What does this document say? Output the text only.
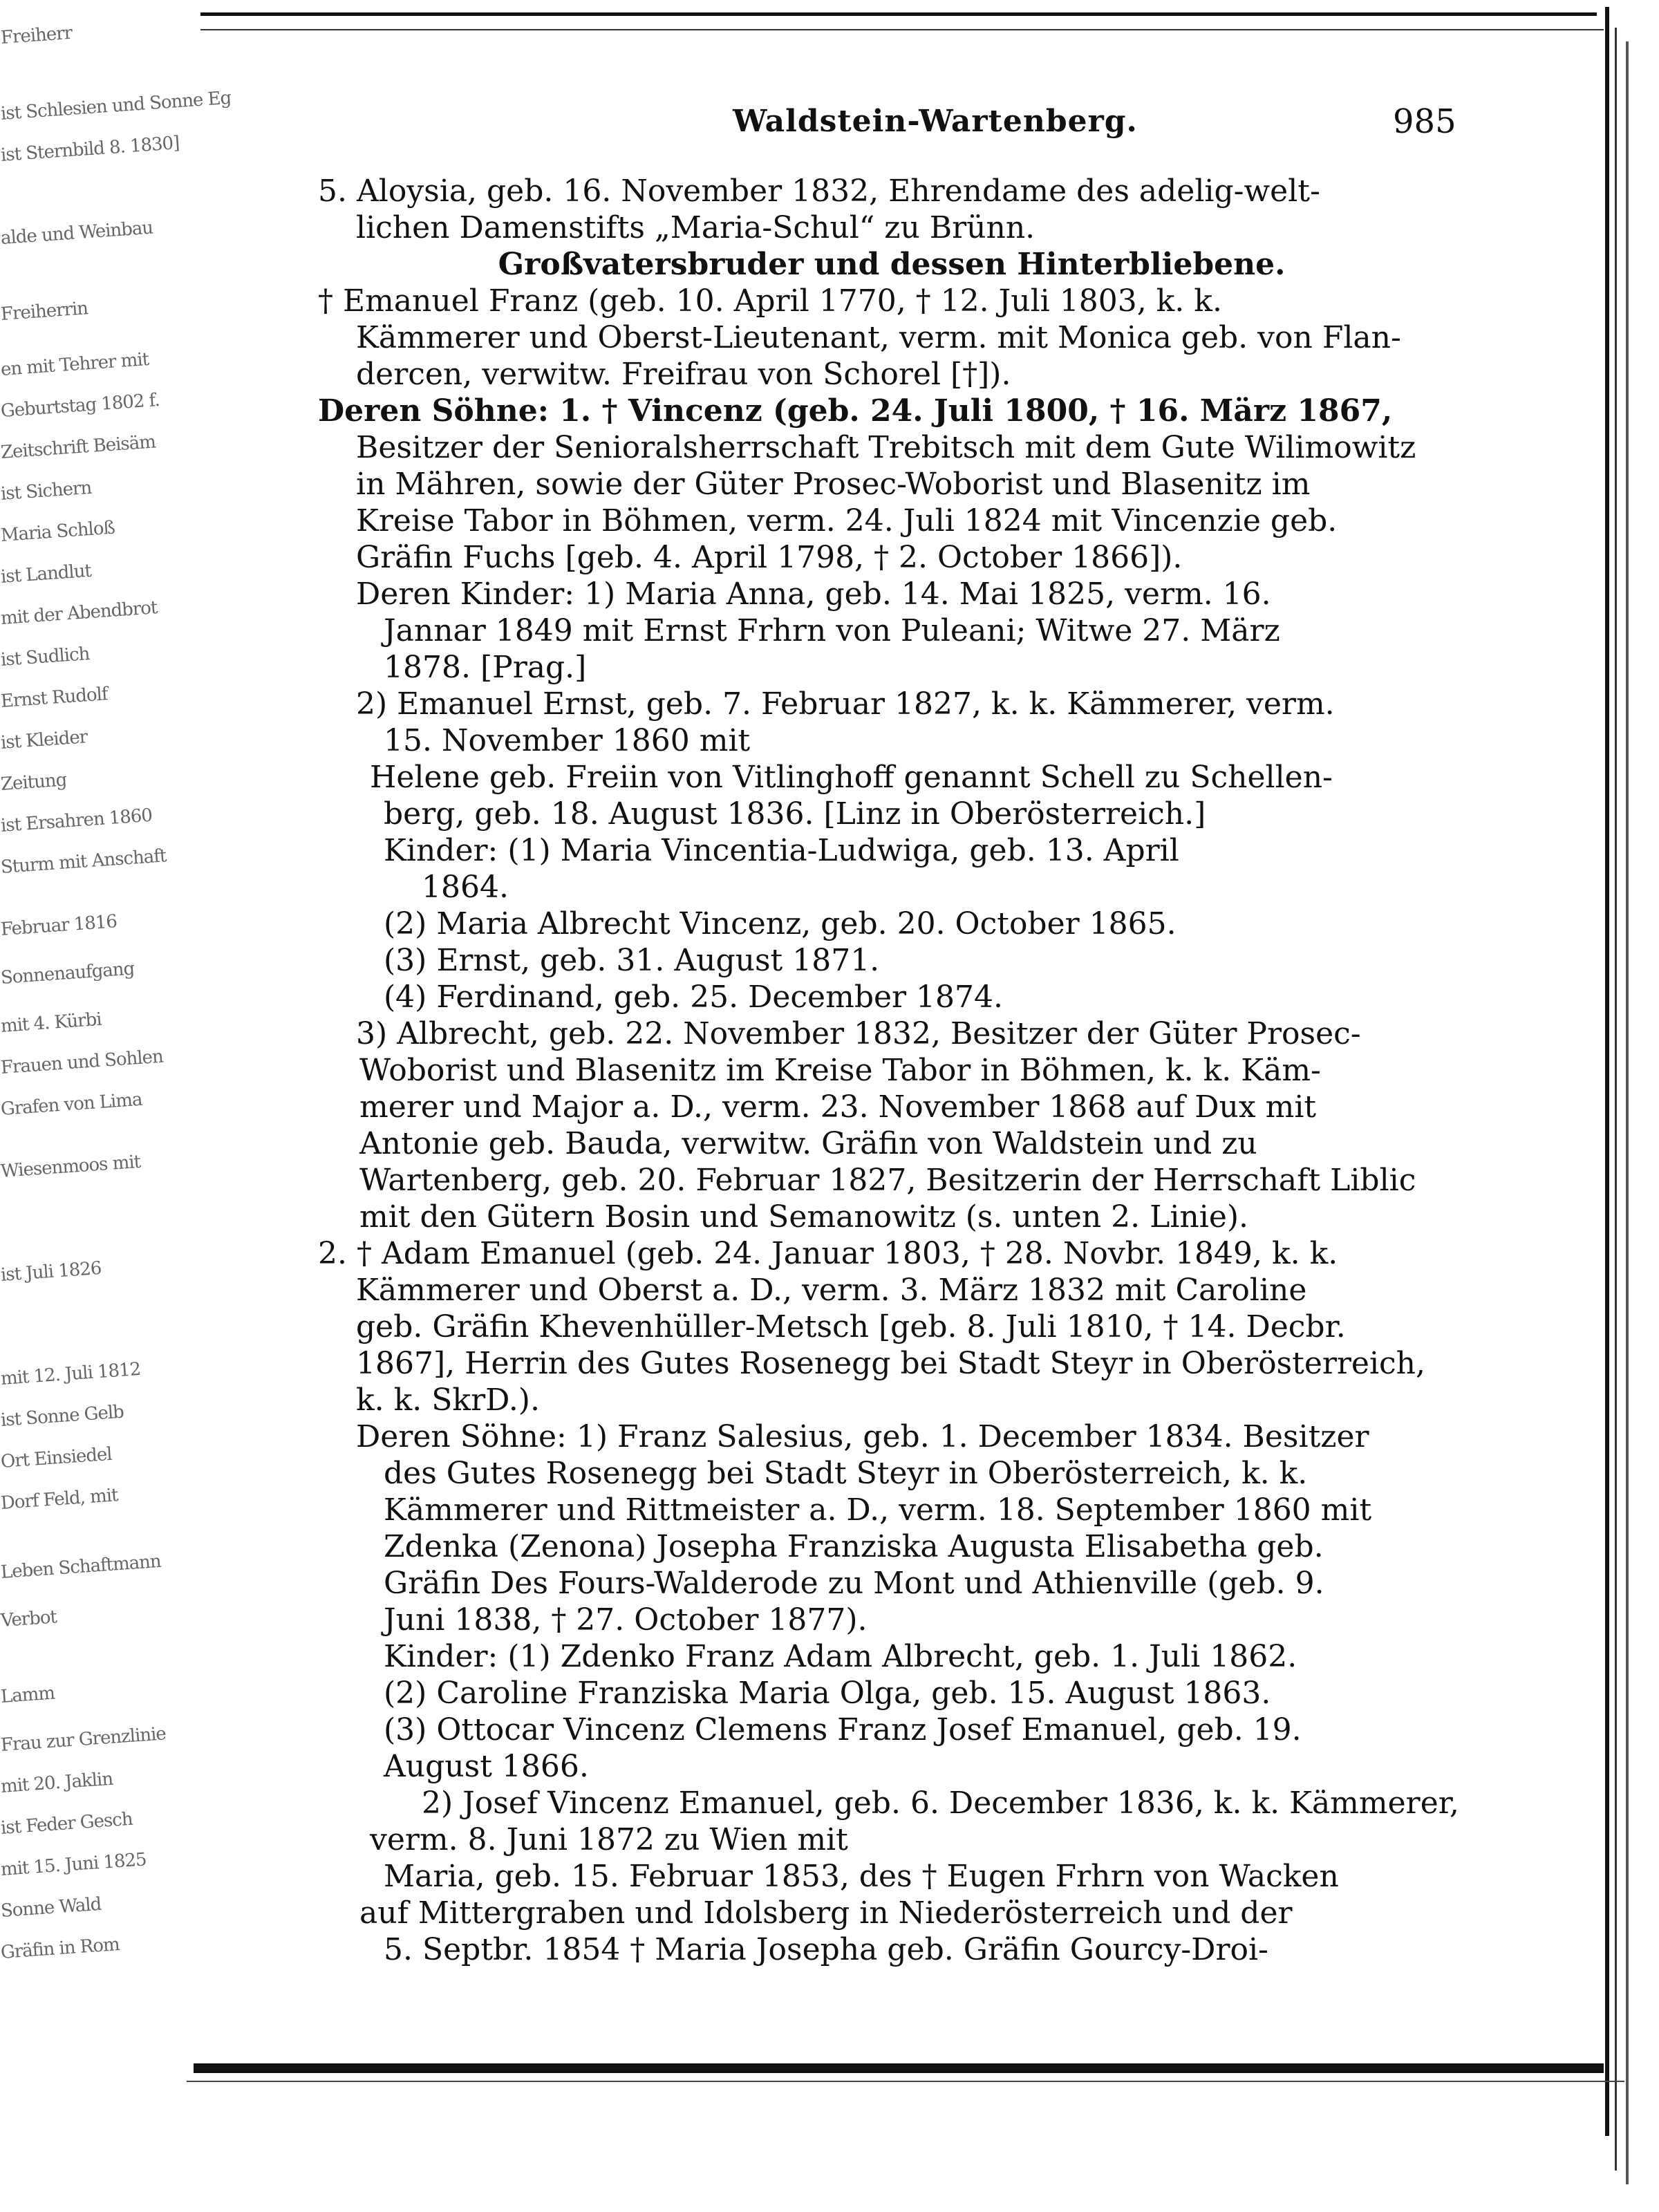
Freiherr
ist Schlesien und Sonne Eg
ist Sternbild 8. 1830]
alde und Weinbau
Freiherrin
en mit Tehrer mit
Geburtstag 1802 f.
Zeitschrift Beisäm
ist Sichern
Maria Schloß
ist Landlut
mit der Abendbrot
ist Sudlich
Ernst Rudolf
ist Kleider
Zeitung
ist Ersahren 1860
Sturm mit Anschaft
Februar 1816
Sonnenaufgang
mit 4. Kürbi
Frauen und Sohlen
Grafen von Lima
Wiesenmoos mit
ist Juli 1826
mit 12. Juli 1812
ist Sonne Gelb
Ort Einsiedel
Dorf Feld, mit
Leben Schaftmann
Verbot
Lamm
Frau zur Grenzlinie
mit 20. Jaklin
ist Feder Gesch
mit 15. Juni 1825
Sonne Wald
Gräfin in Rom
Waldstein-Wartenberg.	985
5. Aloysia, geb. 16. November 1832, Ehrendame des adelig-welt-
lichen Damenstifts „Maria-Schul“ zu Brünn.
Großvatersbruder und dessen Hinterbliebene.
† Emanuel Franz (geb. 10. April 1770, † 12. Juli 1803, k. k.
Kämmerer und Oberst-Lieutenant, verm. mit Monica geb. von Flan-
dercen, verwitw. Freifrau von Schorel [†]).
Deren Söhne: 1. † Vincenz (geb. 24. Juli 1800, † 16. März 1867,
Besitzer der Senioralsherrschaft Trebitsch mit dem Gute Wilimowitz
in Mähren, sowie der Güter Prosec-Woborist und Blasenitz im
Kreise Tabor in Böhmen, verm. 24. Juli 1824 mit Vincenzie geb.
Gräfin Fuchs [geb. 4. April 1798, † 2. October 1866]).
Deren Kinder: 1) Maria Anna, geb. 14. Mai 1825, verm. 16.
Jannar 1849 mit Ernst Frhrn von Puleani; Witwe 27. März
1878. [Prag.]
2) Emanuel Ernst, geb. 7. Februar 1827, k. k. Kämmerer, verm.
15. November 1860 mit
Helene geb. Freiin von Vitlinghoff genannt Schell zu Schellen-
berg, geb. 18. August 1836. [Linz in Oberösterreich.]
Kinder: (1) Maria Vincentia-Ludwiga, geb. 13. April
1864.
(2) Maria Albrecht Vincenz, geb. 20. October 1865.
(3) Ernst, geb. 31. August 1871.
(4) Ferdinand, geb. 25. December 1874.
3) Albrecht, geb. 22. November 1832, Besitzer der Güter Prosec-
Woborist und Blasenitz im Kreise Tabor in Böhmen, k. k. Käm-
merer und Major a. D., verm. 23. November 1868 auf Dux mit
Antonie geb. Bauda, verwitw. Gräfin von Waldstein und zu
Wartenberg, geb. 20. Februar 1827, Besitzerin der Herrschaft Liblic
mit den Gütern Bosin und Semanowitz (s. unten 2. Linie).
2. † Adam Emanuel (geb. 24. Januar 1803, † 28. Novbr. 1849, k. k.
Kämmerer und Oberst a. D., verm. 3. März 1832 mit Caroline
geb. Gräfin Khevenhüller-Metsch [geb. 8. Juli 1810, † 14. Decbr.
1867], Herrin des Gutes Rosenegg bei Stadt Steyr in Oberösterreich,
k. k. SkrD.).
Deren Söhne: 1) Franz Salesius, geb. 1. December 1834. Besitzer
des Gutes Rosenegg bei Stadt Steyr in Oberösterreich, k. k.
Kämmerer und Rittmeister a. D., verm. 18. September 1860 mit
Zdenka (Zenona) Josepha Franziska Augusta Elisabetha geb.
Gräfin Des Fours-Walderode zu Mont und Athienville (geb. 9.
Juni 1838, † 27. October 1877).
Kinder: (1) Zdenko Franz Adam Albrecht, geb. 1. Juli 1862.
(2) Caroline Franziska Maria Olga, geb. 15. August 1863.
(3) Ottocar Vincenz Clemens Franz Josef Emanuel, geb. 19.
August 1866.
2) Josef Vincenz Emanuel, geb. 6. December 1836, k. k. Kämmerer,
verm. 8. Juni 1872 zu Wien mit
Maria, geb. 15. Februar 1853, des † Eugen Frhrn von Wacken
auf Mittergraben und Idolsberg in Niederösterreich und der
5. Septbr. 1854 † Maria Josepha geb. Gräfin Gourcy-Droi-
